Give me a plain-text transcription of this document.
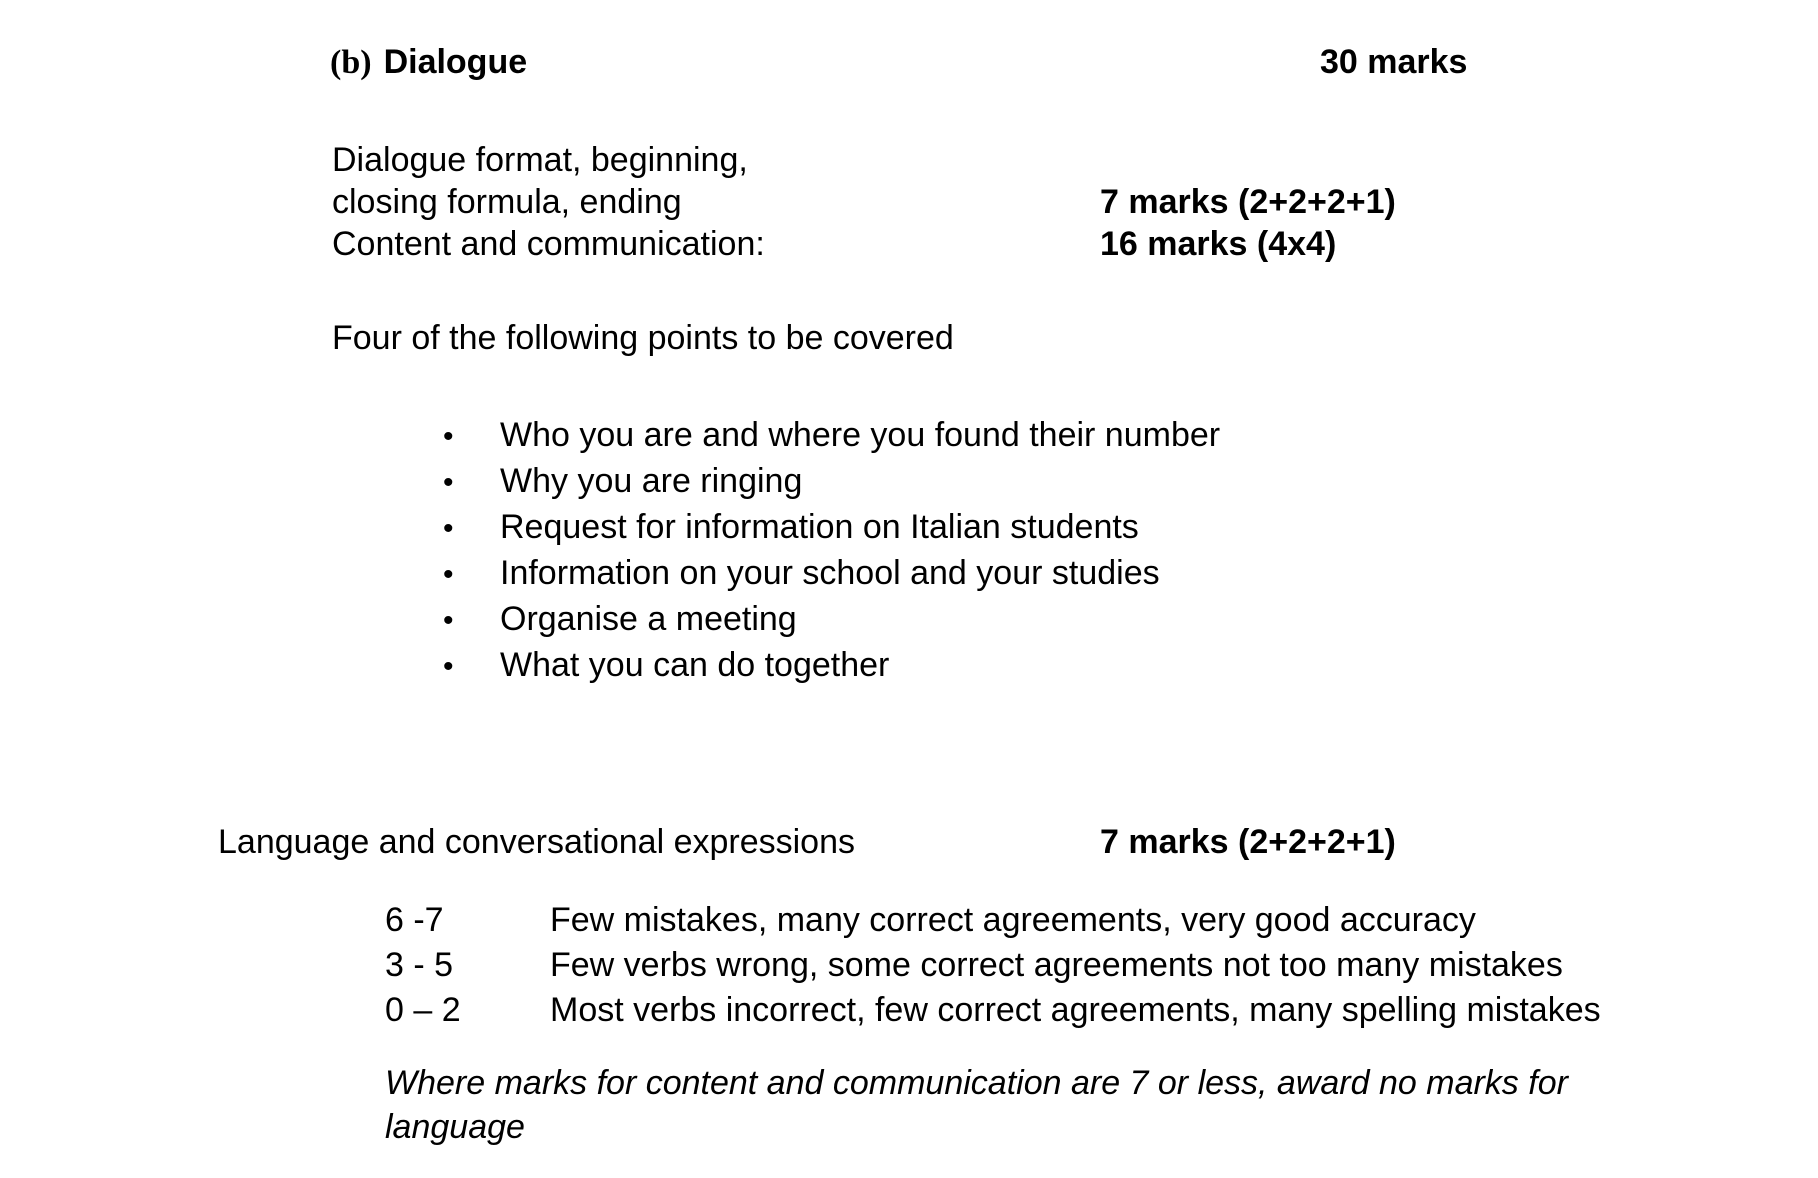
(b) Dialogue	30 marks
Dialogue format, beginning,
closing formula, ending	7 marks (2+2+2+1)
Content and communication:	16 marks (4x4)
Four of the following points to be covered
• Who you are and where you found their number
• Why you are ringing
• Request for information on Italian students
• Information on your school and your studies
• Organise a meeting
• What you can do together
Language and conversational expressions	7 marks (2+2+2+1)
6 -7	Few mistakes, many correct agreements, very good accuracy
3 - 5	Few verbs wrong, some correct agreements not too many mistakes
0 – 2	Most verbs incorrect, few correct agreements, many spelling mistakes
Where marks for content and communication are 7 or less, award no marks for
language
